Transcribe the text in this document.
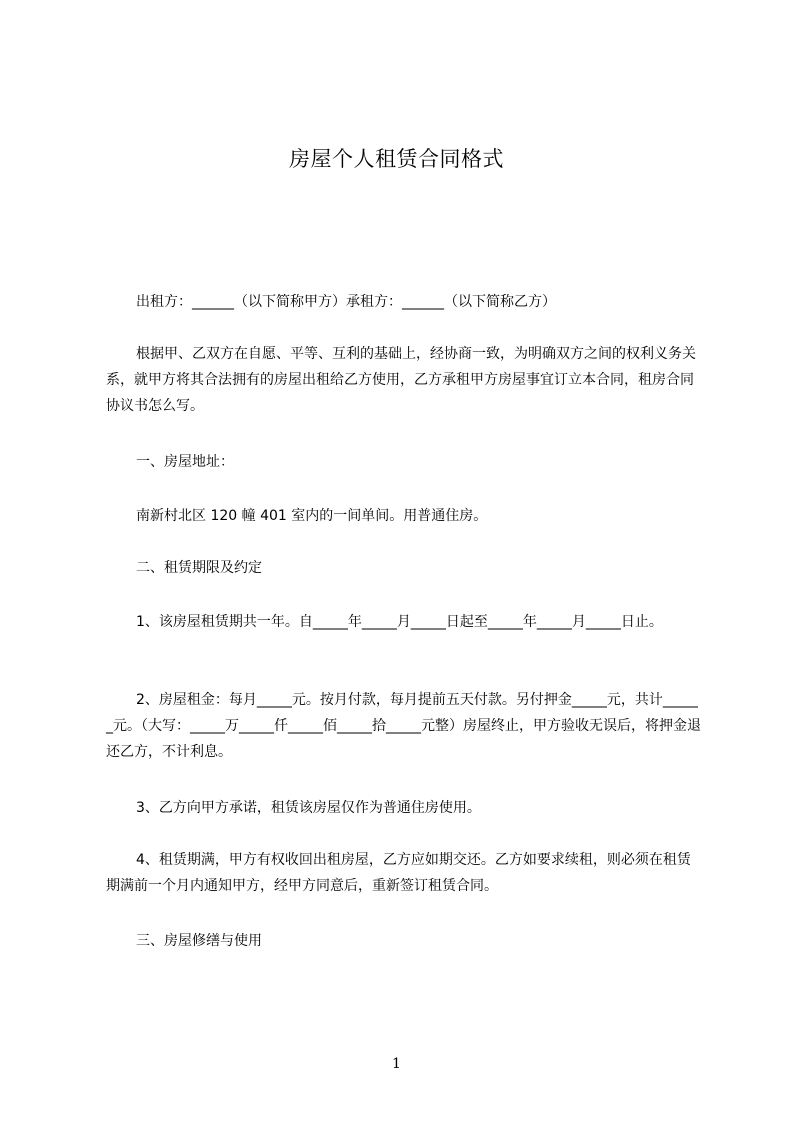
房屋个人租赁合同格式

出租方：______（以下简称甲方）承租方：______（以下简称乙方）

根据甲、乙双方在自愿、平等、互利的基础上，经协商一致，为明确双方之间的权利义务关系，就甲方将其合法拥有的房屋出租给乙方使用，乙方承租甲方房屋事宜订立本合同，租房合同协议书怎么写。

一、房屋地址：

南新村北区 120 幢 401 室内的一间单间。用普通住房。

二、租赁期限及约定

1、该房屋租赁期共一年。自_____年_____月_____日起至_____年_____月_____日止。

2、房屋租金：每月_____元。按月付款，每月提前五天付款。另付押金_____元，共计______元。（大写：_____万_____仟_____佰_____拾_____元整）房屋终止，甲方验收无误后，将押金退还乙方，不计利息。

3、乙方向甲方承诺，租赁该房屋仅作为普通住房使用。

4、租赁期满，甲方有权收回出租房屋，乙方应如期交还。乙方如要求续租，则必须在租赁期满前一个月内通知甲方，经甲方同意后，重新签订租赁合同。

三、房屋修缮与使用

1
